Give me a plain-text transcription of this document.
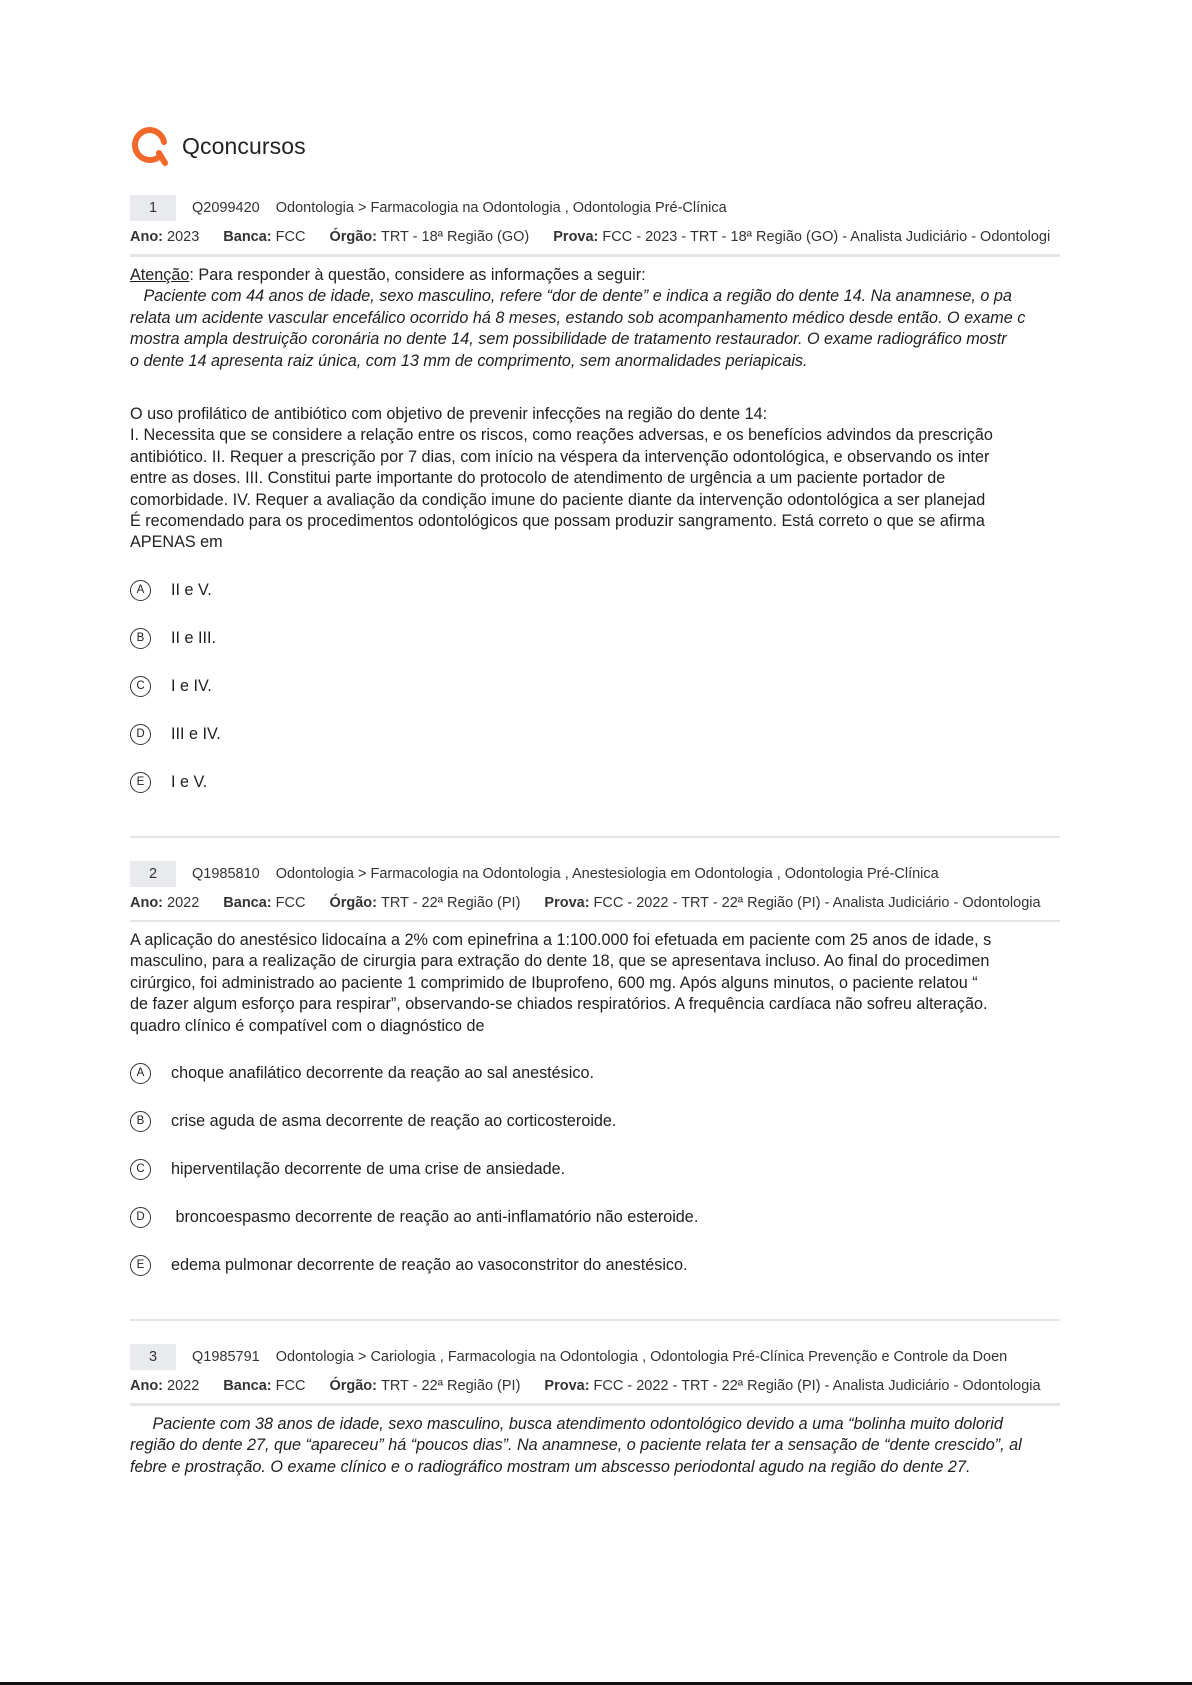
Qconcursos
1	Q2099420 Odontologia > Farmacologia na Odontologia , Odontologia Pré-Clínica
Ano: 2023 Banca: FCC Órgão: TRT - 18ª Região (GO) Prova: FCC - 2023 - TRT - 18ª Região (GO) - Analista Judiciário - Odontologi
Atenção: Para responder à questão, considere as informações a seguir:
Paciente com 44 anos de idade, sexo masculino, refere “dor de dente” e indica a região do dente 14. Na anamnese, o pa
relata um acidente vascular encefálico ocorrido há 8 meses, estando sob acompanhamento médico desde então. O exame c
mostra ampla destruição coronária no dente 14, sem possibilidade de tratamento restaurador. O exame radiográfico mostr
o dente 14 apresenta raiz única, com 13 mm de comprimento, sem anormalidades periapicais.
O uso profilático de antibiótico com objetivo de prevenir infecções na região do dente 14:
I. Necessita que se considere a relação entre os riscos, como reações adversas, e os benefícios advindos da prescrição
antibiótico. II. Requer a prescrição por 7 dias, com início na véspera da intervenção odontológica, e observando os inter
entre as doses. III. Constitui parte importante do protocolo de atendimento de urgência a um paciente portador de
comorbidade. IV. Requer a avaliação da condição imune do paciente diante da intervenção odontológica a ser planejad
É recomendado para os procedimentos odontológicos que possam produzir sangramento. Está correto o que se afirma
APENAS em
A	II e V.
B	II e III.
C	I e IV.
D	III e IV.
E	I e V.
2	Q1985810 Odontologia > Farmacologia na Odontologia , Anestesiologia em Odontologia , Odontologia Pré-Clínica
Ano: 2022 Banca: FCC Órgão: TRT - 22ª Região (PI) Prova: FCC - 2022 - TRT - 22ª Região (PI) - Analista Judiciário - Odontologia
A aplicação do anestésico lidocaína a 2% com epinefrina a 1:100.000 foi efetuada em paciente com 25 anos de idade, s
masculino, para a realização de cirurgia para extração do dente 18, que se apresentava incluso. Ao final do procedimen
cirúrgico, foi administrado ao paciente 1 comprimido de Ibuprofeno, 600 mg. Após alguns minutos, o paciente relatou “
de fazer algum esforço para respirar”, observando-se chiados respiratórios. A frequência cardíaca não sofreu alteração.
quadro clínico é compatível com o diagnóstico de
A	choque anafilático decorrente da reação ao sal anestésico.
B	crise aguda de asma decorrente de reação ao corticosteroide.
C	hiperventilação decorrente de uma crise de ansiedade.
D	broncoespasmo decorrente de reação ao anti-inflamatório não esteroide.
E	edema pulmonar decorrente de reação ao vasoconstritor do anestésico.
3	Q1985791 Odontologia > Cariologia , Farmacologia na Odontologia , Odontologia Pré-Clínica Prevenção e Controle da Doen
Ano: 2022 Banca: FCC Órgão: TRT - 22ª Região (PI) Prova: FCC - 2022 - TRT - 22ª Região (PI) - Analista Judiciário - Odontologia
Paciente com 38 anos de idade, sexo masculino, busca atendimento odontológico devido a uma “bolinha muito dolorid
região do dente 27, que “apareceu” há “poucos dias”. Na anamnese, o paciente relata ter a sensação de “dente crescido”, al
febre e prostração. O exame clínico e o radiográfico mostram um abscesso periodontal agudo na região do dente 27.
